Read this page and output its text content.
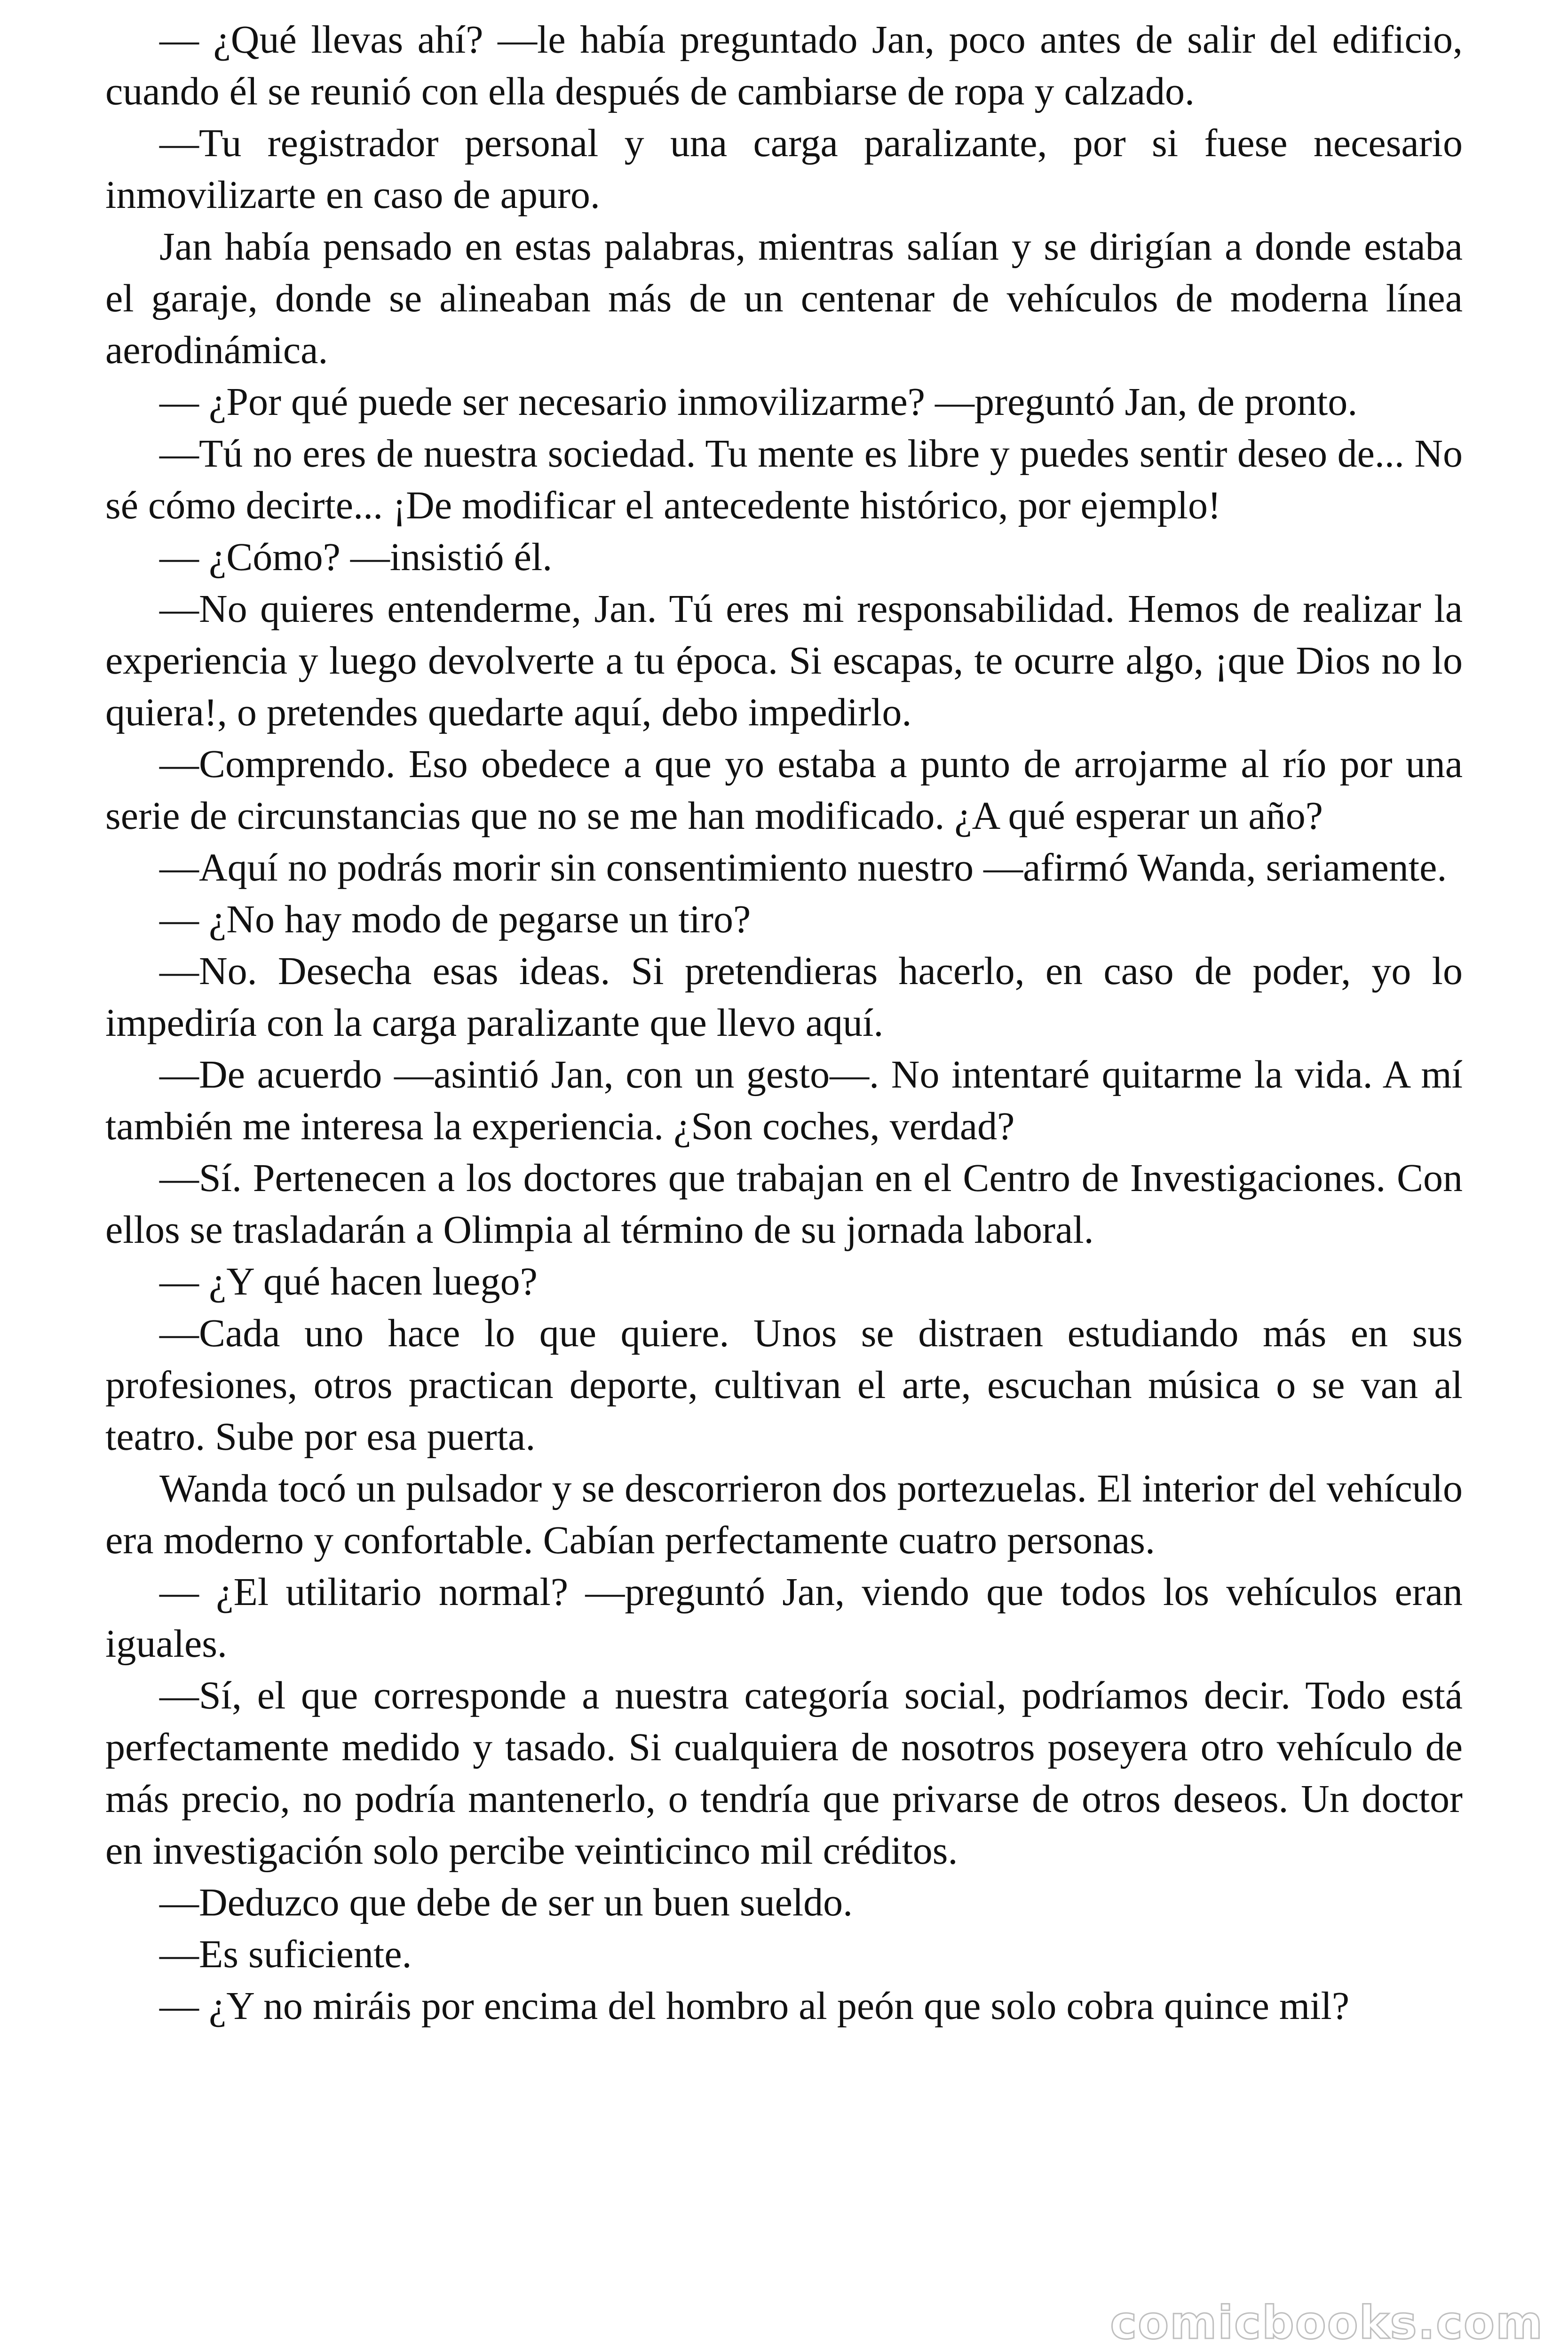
— ¿Qué llevas ahí? —le había preguntado Jan, poco antes de salir del edificio, cuando él se reunió con ella después de cambiarse de ropa y calzado.

—Tu registrador personal y una carga paralizante, por si fuese necesario inmovilizarte en caso de apuro.

Jan había pensado en estas palabras, mientras salían y se dirigían a donde estaba el garaje, donde se alineaban más de un centenar de vehículos de moderna línea aerodinámica.

— ¿Por qué puede ser necesario inmovilizarme? —preguntó Jan, de pronto.

—Tú no eres de nuestra sociedad. Tu mente es libre y puedes sentir deseo de... No sé cómo decirte... ¡De modificar el antecedente histórico, por ejemplo!

— ¿Cómo? —insistió él.

—No quieres entenderme, Jan. Tú eres mi responsabilidad. Hemos de realizar la experiencia y luego devolverte a tu época. Si escapas, te ocurre algo, ¡que Dios no lo quiera!, o pretendes quedarte aquí, debo impedirlo.

—Comprendo. Eso obedece a que yo estaba a punto de arrojarme al río por una serie de circunstancias que no se me han modificado. ¿A qué esperar un año?

—Aquí no podrás morir sin consentimiento nuestro —afirmó Wanda, seriamente.

— ¿No hay modo de pegarse un tiro?

—No. Desecha esas ideas. Si pretendieras hacerlo, en caso de poder, yo lo impediría con la carga paralizante que llevo aquí.

—De acuerdo —asintió Jan, con un gesto—. No intentaré quitarme la vida. A mí también me interesa la experiencia. ¿Son coches, verdad?

—Sí. Pertenecen a los doctores que trabajan en el Centro de Investigaciones. Con ellos se trasladarán a Olimpia al término de su jornada laboral.

— ¿Y qué hacen luego?

—Cada uno hace lo que quiere. Unos se distraen estudiando más en sus profesiones, otros practican deporte, cultivan el arte, escuchan música o se van al teatro. Sube por esa puerta.

Wanda tocó un pulsador y se descorrieron dos portezuelas. El interior del vehículo era moderno y confortable. Cabían perfectamente cuatro personas.

— ¿El utilitario normal? —preguntó Jan, viendo que todos los vehículos eran iguales.

—Sí, el que corresponde a nuestra categoría social, podríamos decir. Todo está perfectamente medido y tasado. Si cualquiera de nosotros poseyera otro vehículo de más precio, no podría mantenerlo, o tendría que privarse de otros deseos. Un doctor en investigación solo percibe veinticinco mil créditos.

—Deduzco que debe de ser un buen sueldo.

—Es suficiente.

— ¿Y no miráis por encima del hombro al peón que solo cobra quince mil?

comicbooks.com
